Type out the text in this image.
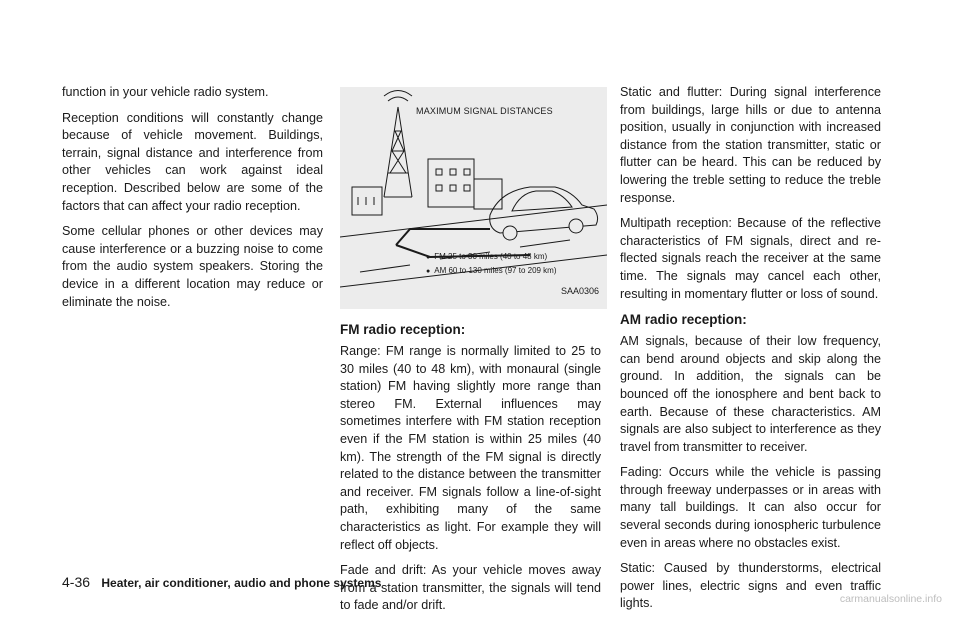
function in your vehicle radio system.

Reception conditions will constantly change because of vehicle movement. Buildings, terrain, signal distance and interference from other vehicles can work against ideal reception. Described below are some of the factors that can affect your radio reception.

Some cellular phones or other devices may cause interference or a buzzing noise to come from the audio system speakers. Storing the device in a different location may reduce or eliminate the noise.

MAXIMUM SIGNAL DISTANCES
● FM 25 to 30 miles (40 to 48 km)
● AM 60 to 130 miles (97 to 209 km)
SAA0306
FM radio reception:

Range: FM range is normally limited to 25 to 30 miles (40 to 48 km), with monaural (single station) FM having slightly more range than stereo FM. External influences may sometimes interfere with FM station reception even if the FM station is within 25 miles (40 km). The strength of the FM signal is directly related to the distance between the transmitter and receiver. FM signals follow a line-of-sight path, exhibiting many of the same characteristics as light. For example they will reflect off objects.

Fade and drift: As your vehicle moves away from a station transmitter, the signals will tend to fade and/or drift.

Static and flutter: During signal interference from buildings, large hills or due to antenna position, usually in conjunction with increased distance from the station transmitter, static or flutter can be heard. This can be reduced by lowering the treble setting to reduce the treble response.

Multipath reception: Because of the reflective characteristics of FM signals, direct and re-flected signals reach the receiver at the same time. The signals may cancel each other, resulting in momentary flutter or loss of sound.

AM radio reception:

AM signals, because of their low frequency, can bend around objects and skip along the ground. In addition, the signals can be bounced off the ionosphere and bent back to earth. Because of these characteristics. AM signals are also subject to interference as they travel from transmitter to receiver.

Fading: Occurs while the vehicle is passing through freeway underpasses or in areas with many tall buildings. It can also occur for several seconds during ionospheric turbulence even in areas where no obstacles exist.

Static: Caused by thunderstorms, electrical power lines, electric signs and even traffic lights.

4-36 Heater, air conditioner, audio and phone systems
carmanualsonline.info
